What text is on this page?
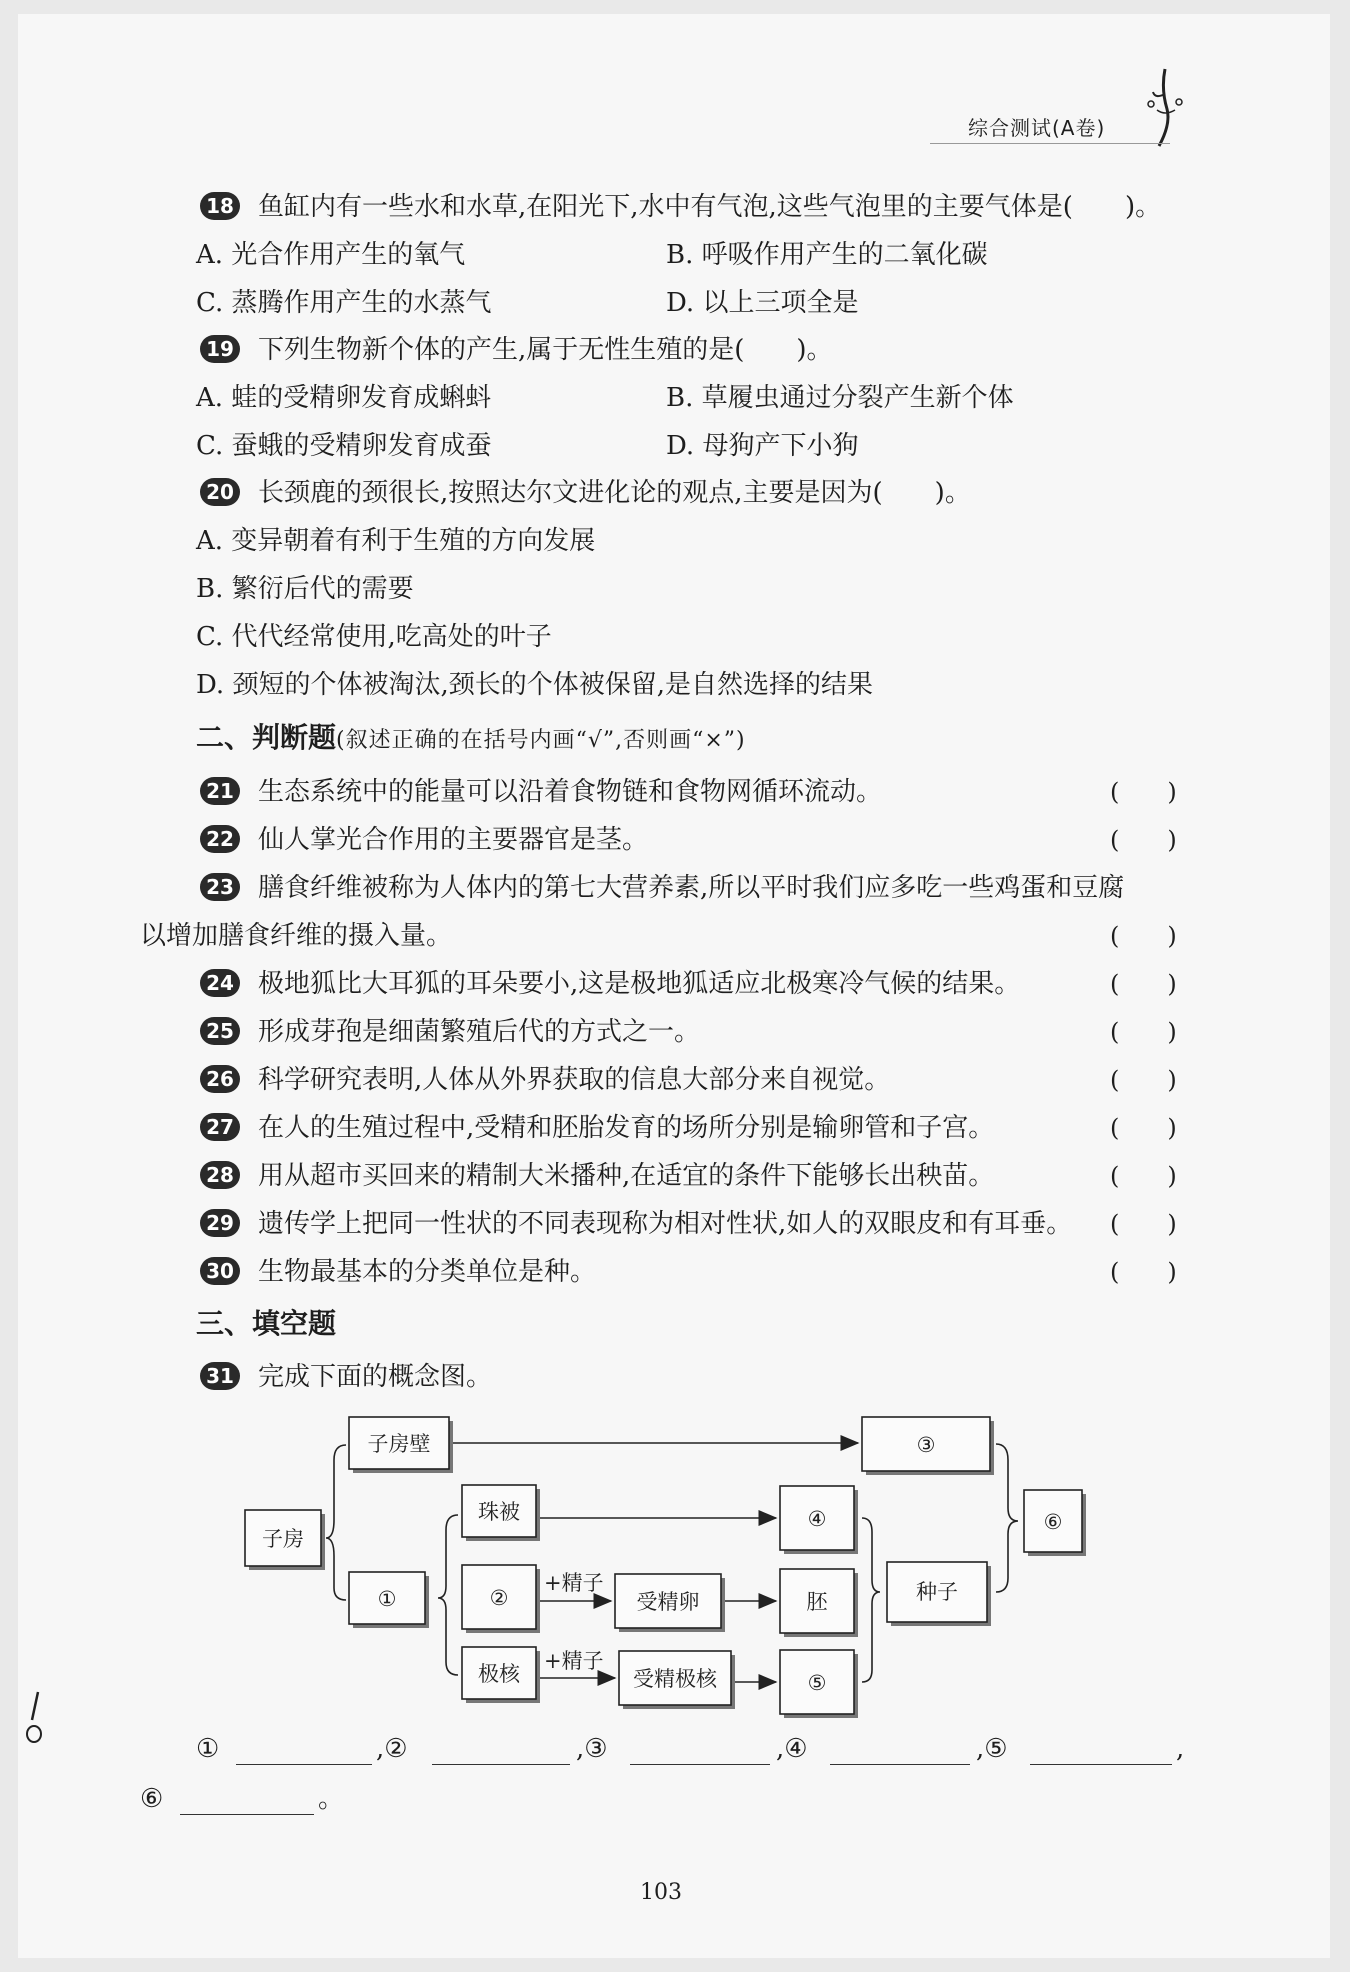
综合测试(A卷)
18 鱼缸内有一些水和水草,在阳光下,水中有气泡,这些气泡里的主要气体是(　　)。
A. 光合作用产生的氧气	B. 呼吸作用产生的二氧化碳
C. 蒸腾作用产生的水蒸气	D. 以上三项全是
19 下列生物新个体的产生,属于无性生殖的是(　　)。
A. 蛙的受精卵发育成蝌蚪	B. 草履虫通过分裂产生新个体
C. 蚕蛾的受精卵发育成蚕	D. 母狗产下小狗
20 长颈鹿的颈很长,按照达尔文进化论的观点,主要是因为(　　)。
A. 变异朝着有利于生殖的方向发展
B. 繁衍后代的需要
C. 代代经常使用,吃高处的叶子
D. 颈短的个体被淘汰,颈长的个体被保留,是自然选择的结果
二、判断题(叙述正确的在括号内画“√”,否则画“×”)
21 生态系统中的能量可以沿着食物链和食物网循环流动。	(　　)
22 仙人掌光合作用的主要器官是茎。	(　　)
23 膳食纤维被称为人体内的第七大营养素,所以平时我们应多吃一些鸡蛋和豆腐
以增加膳食纤维的摄入量。	(　　)
24 极地狐比大耳狐的耳朵要小,这是极地狐适应北极寒冷气候的结果。	(　　)
25 形成芽孢是细菌繁殖后代的方式之一。	(　　)
26 科学研究表明,人体从外界获取的信息大部分来自视觉。	(　　)
27 在人的生殖过程中,受精和胚胎发育的场所分别是输卵管和子宫。	(　　)
28 用从超市买回来的精制大米播种,在适宜的条件下能够长出秧苗。	(　　)
29 遗传学上把同一性状的不同表现称为相对性状,如人的双眼皮和有耳垂。 (　　)
30 生物最基本的分类单位是种。	(　　)
三、填空题
31 完成下面的概念图。
子房
子房壁
①
珠被
②
极核
受精卵
受精极核
③
④
胚
⑤
种子
⑥
+精子
+精子
①	,②	,③	,④	,⑤	,
⑥	。
103
